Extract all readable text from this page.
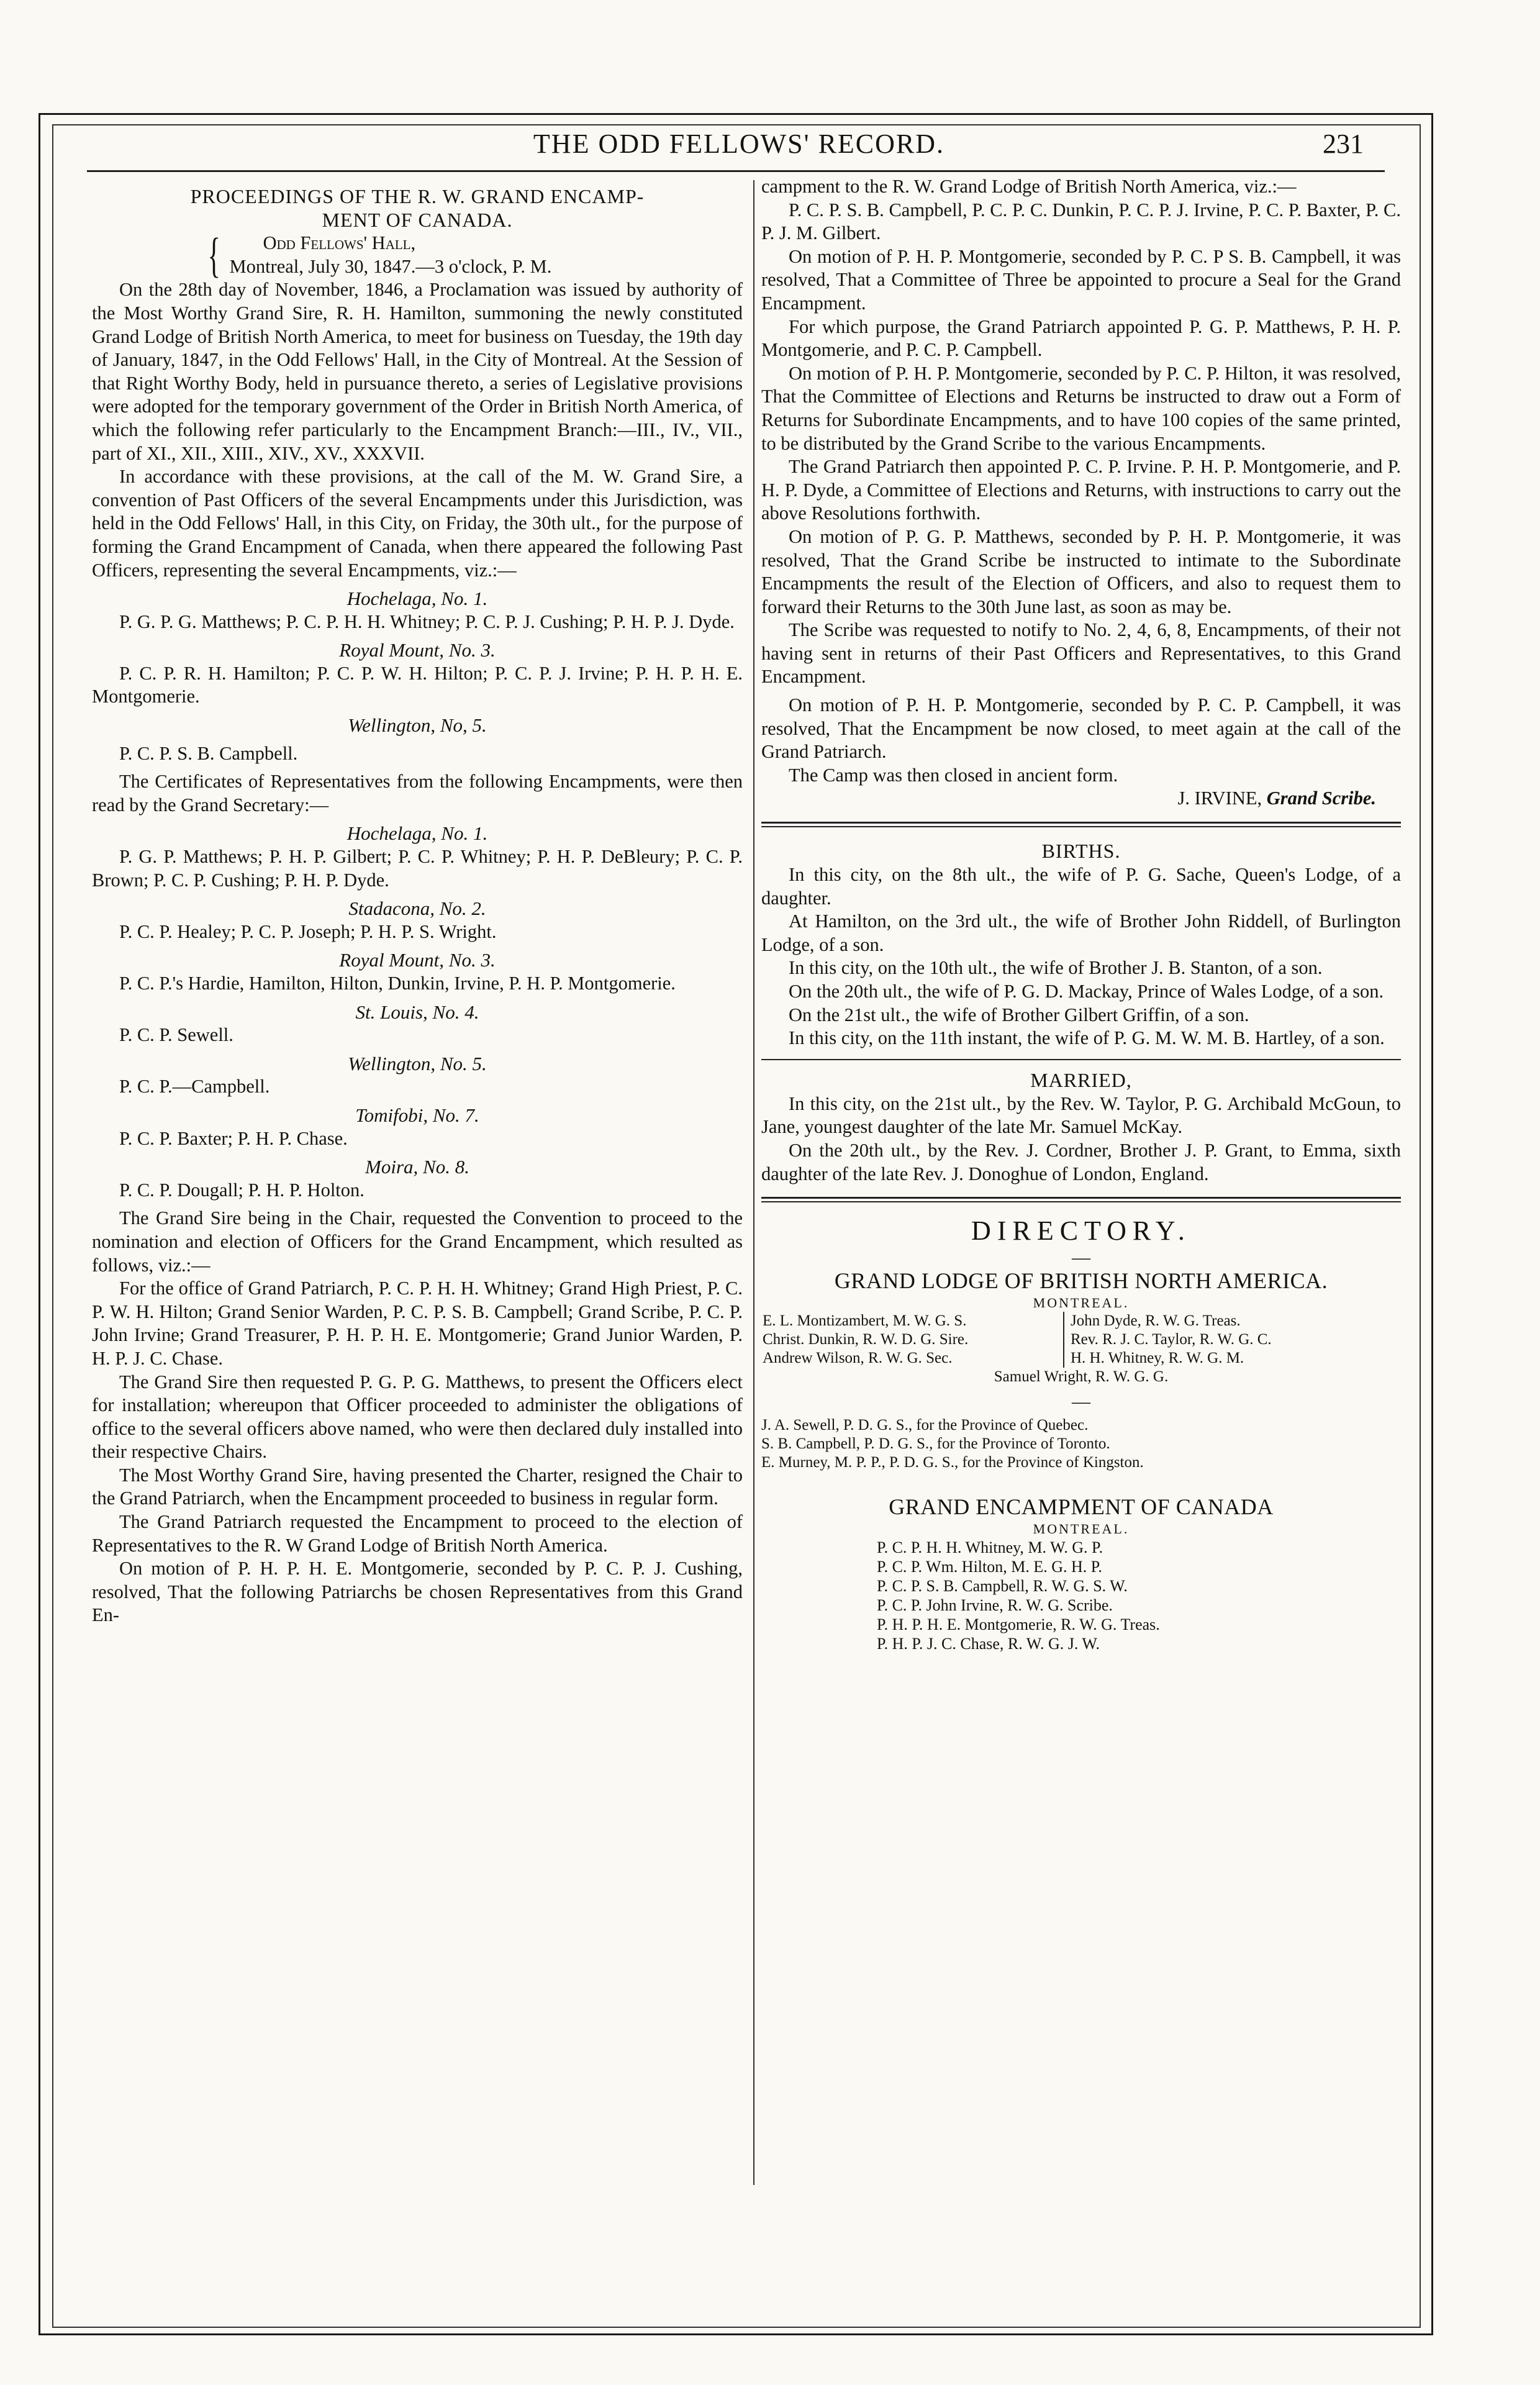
THE ODD FELLOWS' RECORD.	231

PROCEEDINGS OF THE R. W. GRAND ENCAMP-
MENT OF CANADA.

{ Odd Fellows' Hall,

Montreal, July 30, 1847.—3 o'clock, P. M.

On the 28th day of November, 1846, a Proclamation was issued by authority of the Most Worthy Grand Sire, R. H. Hamilton, summoning the newly constituted Grand Lodge of British North America, to meet for business on Tuesday, the 19th day of January, 1847, in the Odd Fellows' Hall, in the City of Montreal. At the Session of that Right Worthy Body, held in pursuance thereto, a series of Legislative provisions were adopted for the temporary government of the Order in British North America, of which the following refer particularly to the Encampment Branch:—III., IV., VII., part of XI., XII., XIII., XIV., XV., XXXVII.

In accordance with these provisions, at the call of the M. W. Grand Sire, a convention of Past Officers of the several Encampments under this Jurisdiction, was held in the Odd Fellows' Hall, in this City, on Friday, the 30th ult., for the purpose of forming the Grand Encampment of Canada, when there appeared the following Past Officers, representing the several Encampments, viz.:—

Hochelaga, No. 1.

P. G. P. G. Matthews; P. C. P. H. H. Whitney; P. C. P. J. Cushing; P. H. P. J. Dyde.

Royal Mount, No. 3.

P. C. P. R. H. Hamilton; P. C. P. W. H. Hilton; P. C. P. J. Irvine; P. H. P. H. E. Montgomerie.

Wellington, No, 5.

P. C. P. S. B. Campbell.

The Certificates of Representatives from the following Encampments, were then read by the Grand Secretary:—

Hochelaga, No. 1.

P. G. P. Matthews; P. H. P. Gilbert; P. C. P. Whitney; P. H. P. DeBleury; P. C. P. Brown; P. C. P. Cushing; P. H. P. Dyde.

Stadacona, No. 2.

P. C. P. Healey; P. C. P. Joseph; P. H. P. S. Wright.

Royal Mount, No. 3.

P. C. P.'s Hardie, Hamilton, Hilton, Dunkin, Irvine, P. H. P. Montgomerie.

St. Louis, No. 4.

P. C. P. Sewell.

Wellington, No. 5.

P. C. P.—Campbell.

Tomifobi, No. 7.

P. C. P. Baxter; P. H. P. Chase.

Moira, No. 8.

P. C. P. Dougall; P. H. P. Holton.

The Grand Sire being in the Chair, requested the Convention to proceed to the nomination and election of Officers for the Grand Encampment, which resulted as follows, viz.:—

For the office of Grand Patriarch, P. C. P. H. H. Whitney; Grand High Priest, P. C. P. W. H. Hilton; Grand Senior Warden, P. C. P. S. B. Campbell; Grand Scribe, P. C. P. John Irvine; Grand Treasurer, P. H. P. H. E. Montgomerie; Grand Junior Warden, P. H. P. J. C. Chase.

The Grand Sire then requested P. G. P. G. Matthews, to present the Officers elect for installation; whereupon that Officer proceeded to administer the obligations of office to the several officers above named, who were then declared duly installed into their respective Chairs.

The Most Worthy Grand Sire, having presented the Charter, resigned the Chair to the Grand Patriarch, when the Encampment proceeded to business in regular form.

The Grand Patriarch requested the Encampment to proceed to the election of Representatives to the R. W Grand Lodge of British North America.

On motion of P. H. P. H. E. Montgomerie, seconded by P. C. P. J. Cushing, resolved, That the following Patriarchs be chosen Representatives from this Grand En-

campment to the R. W. Grand Lodge of British North America, viz.:—

P. C. P. S. B. Campbell, P. C. P. C. Dunkin, P. C. P. J. Irvine, P. C. P. Baxter, P. C. P. J. M. Gilbert.

On motion of P. H. P. Montgomerie, seconded by P. C. P S. B. Campbell, it was resolved, That a Committee of Three be appointed to procure a Seal for the Grand Encampment.

For which purpose, the Grand Patriarch appointed P. G. P. Matthews, P. H. P. Montgomerie, and P. C. P. Campbell.

On motion of P. H. P. Montgomerie, seconded by P. C. P. Hilton, it was resolved, That the Committee of Elections and Returns be instructed to draw out a Form of Returns for Subordinate Encampments, and to have 100 copies of the same printed, to be distributed by the Grand Scribe to the various Encampments.

The Grand Patriarch then appointed P. C. P. Irvine. P. H. P. Montgomerie, and P. H. P. Dyde, a Committee of Elections and Returns, with instructions to carry out the above Resolutions forthwith.

On motion of P. G. P. Matthews, seconded by P. H. P. Montgomerie, it was resolved, That the Grand Scribe be instructed to intimate to the Subordinate Encampments the result of the Election of Officers, and also to request them to forward their Returns to the 30th June last, as soon as may be.

The Scribe was requested to notify to No. 2, 4, 6, 8, Encampments, of their not having sent in returns of their Past Officers and Representatives, to this Grand Encampment.

On motion of P. H. P. Montgomerie, seconded by P. C. P. Campbell, it was resolved, That the Encampment be now closed, to meet again at the call of the Grand Patriarch.

The Camp was then closed in ancient form.

J. IRVINE, Grand Scribe.

BIRTHS.

In this city, on the 8th ult., the wife of P. G. Sache, Queen's Lodge, of a daughter.

At Hamilton, on the 3rd ult., the wife of Brother John Riddell, of Burlington Lodge, of a son.

In this city, on the 10th ult., the wife of Brother J. B. Stanton, of a son.

On the 20th ult., the wife of P. G. D. Mackay, Prince of Wales Lodge, of a son.

On the 21st ult., the wife of Brother Gilbert Griffin, of a son.

In this city, on the 11th instant, the wife of P. G. M. W. M. B. Hartley, of a son.

MARRIED,

In this city, on the 21st ult., by the Rev. W. Taylor, P. G. Archibald McGoun, to Jane, youngest daughter of the late Mr. Samuel McKay.

On the 20th ult., by the Rev. J. Cordner, Brother J. P. Grant, to Emma, sixth daughter of the late Rev. J. Donoghue of London, England.

DIRECTORY.

—

GRAND LODGE OF BRITISH NORTH AMERICA.

MONTREAL.

E. L. Montizambert, M. W. G. S.
Christ. Dunkin, R. W. D. G. Sire.
Andrew Wilson, R. W. G. Sec.
John Dyde, R. W. G. Treas.
Rev. R. J. C. Taylor, R. W. G. C.
H. H. Whitney, R. W. G. M.

Samuel Wright, R. W. G. G.

—

J. A. Sewell, P. D. G. S., for the Province of Quebec.

S. B. Campbell, P. D. G. S., for the Province of Toronto.

E. Murney, M. P. P., P. D. G. S., for the Province of Kingston.

GRAND ENCAMPMENT OF CANADA

MONTREAL.

P. C. P. H. H. Whitney, M. W. G. P.

P. C. P. Wm. Hilton, M. E. G. H. P.

P. C. P. S. B. Campbell, R. W. G. S. W.

P. C. P. John Irvine, R. W. G. Scribe.

P. H. P. H. E. Montgomerie, R. W. G. Treas.

P. H. P. J. C. Chase, R. W. G. J. W.
